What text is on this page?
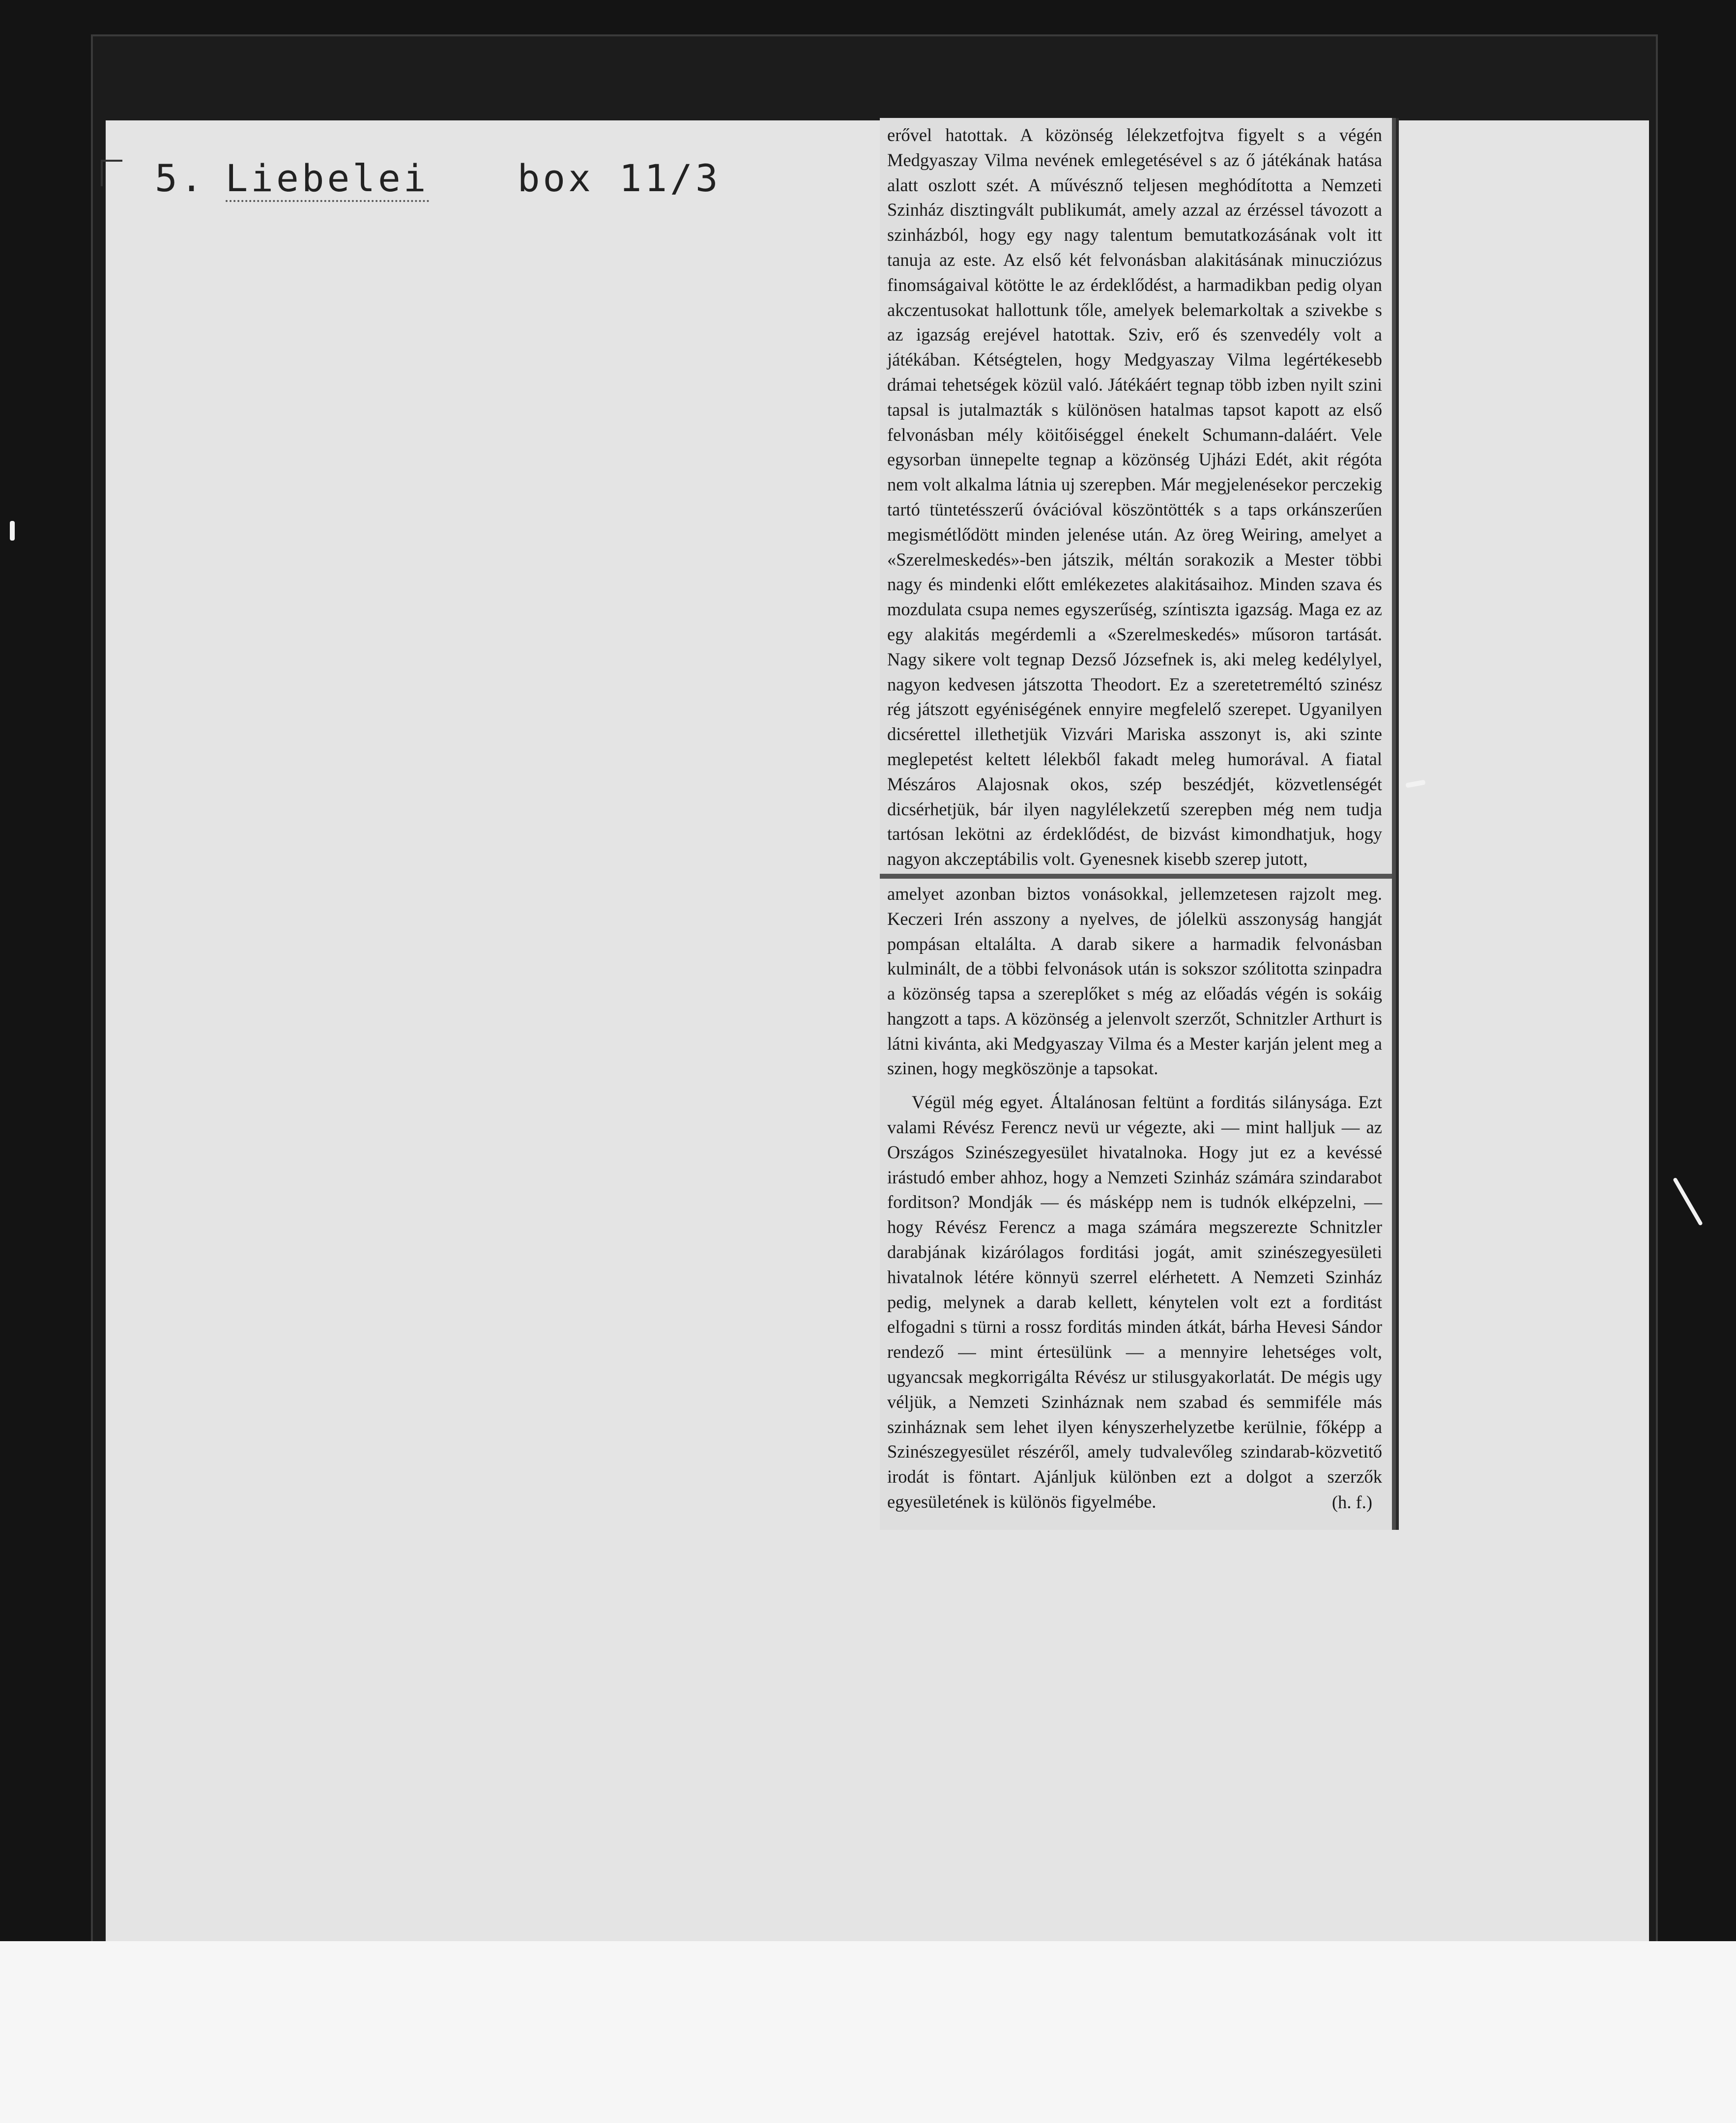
5. Liebelei box 11/3

erővel hatottak. A közönség lélekzetfojtva figyelt s a végén Medgyaszay Vilma nevének emlegetésével s az ő játékának hatása alatt oszlott szét. A művésznő teljesen meghódította a Nemzeti Szinház disztingvált publikumát, amely azzal az érzéssel távozott a szinházból, hogy egy nagy talentum bemutatkozásának volt itt tanuja az este. Az első két felvonásban alakitásának minucziózus finomságaival kötötte le az érdeklődést, a harmadikban pedig olyan akczentusokat hallottunk tőle, amelyek belemarkoltak a szivekbe s az igazság erejével hatottak. Sziv, erő és szenvedély volt a játékában. Kétségtelen, hogy Medgyaszay Vilma legértékesebb drámai tehetségek közül való. Játékáért tegnap több izben nyilt szini tapsal is jutalmazták s különösen hatalmas tapsot kapott az első felvonásban mély köitőiséggel énekelt Schumann-daláért. Vele egysorban ünnepelte tegnap a közönség Ujházi Edét, akit régóta nem volt alkalma látnia uj szerepben. Már megjelenésekor perczekig tartó tüntetésszerű óvációval köszöntötték s a taps orkánszerűen megismétlődött minden jelenése után. Az öreg Weiring, amelyet a «Szerelmeskedés»-ben játszik, méltán sorakozik a Mester többi nagy és mindenki előtt emlékezetes alakitásaihoz. Minden szava és mozdulata csupa nemes egyszerűség, színtiszta igazság. Maga ez az egy alakitás megérdemli a «Szerelmeskedés» műsoron tartását. Nagy sikere volt tegnap Dezső Józsefnek is, aki meleg kedélylyel, nagyon kedvesen játszotta Theodort. Ez a szeretetreméltó szinész rég játszott egyéniségének ennyire megfelelő szerepet. Ugyanilyen dicsérettel illethetjük Vizvári Mariska asszonyt is, aki szinte meglepetést keltett lélekből fakadt meleg humorával. A fiatal Mészáros Alajosnak okos, szép beszédjét, közvetlenségét dicsérhetjük, bár ilyen nagylélekzetű szerepben még nem tudja tartósan lekötni az érdeklődést, de bizvást kimondhatjuk, hogy nagyon akczeptábilis volt. Gyenesnek kisebb szerep jutott,

amelyet azonban biztos vonásokkal, jellemzetesen rajzolt meg. Keczeri Irén asszony a nyelves, de jólelkü asszonyság hangját pompásan eltalálta. A darab sikere a harmadik felvonásban kulminált, de a többi felvonások után is sokszor szólitotta szinpadra a közönség tapsa a szereplőket s még az előadás végén is sokáig hangzott a taps. A közönség a jelenvolt szerzőt, Schnitzler Arthurt is látni kivánta, aki Medgyaszay Vilma és a Mester karján jelent meg a szinen, hogy megköszönje a tapsokat.

Végül még egyet. Általánosan feltünt a forditás silánysága. Ezt valami Révész Ferencz nevü ur végezte, aki — mint halljuk — az Országos Szinészegyesület hivatalnoka. Hogy jut ez a kevéssé irástudó ember ahhoz, hogy a Nemzeti Szinház számára szindarabot forditson? Mondják — és másképp nem is tudnók elképzelni, — hogy Révész Ferencz a maga számára megszerezte Schnitzler darabjának kizárólagos forditási jogát, amit szinészegyesületi hivatalnok létére könnyü szerrel elérhetett. A Nemzeti Szinház pedig, melynek a darab kellett, kénytelen volt ezt a forditást elfogadni s türni a rossz forditás minden átkát, bárha Hevesi Sándor rendező — mint értesülünk — a mennyire lehetséges volt, ugyancsak megkorrigálta Révész ur stilusgyakorlatát. De mégis ugy véljük, a Nemzeti Szinháznak nem szabad és semmiféle más szinháznak sem lehet ilyen kényszerhelyzetbe kerülnie, főképp a Szinészegyesület részéről, amely tudvalevőleg szindarab-közvetitő irodát is föntart. Ajánljuk különben ezt a dolgot a szerzők egyesületének is különös figyelmébe.	(h. f.)
